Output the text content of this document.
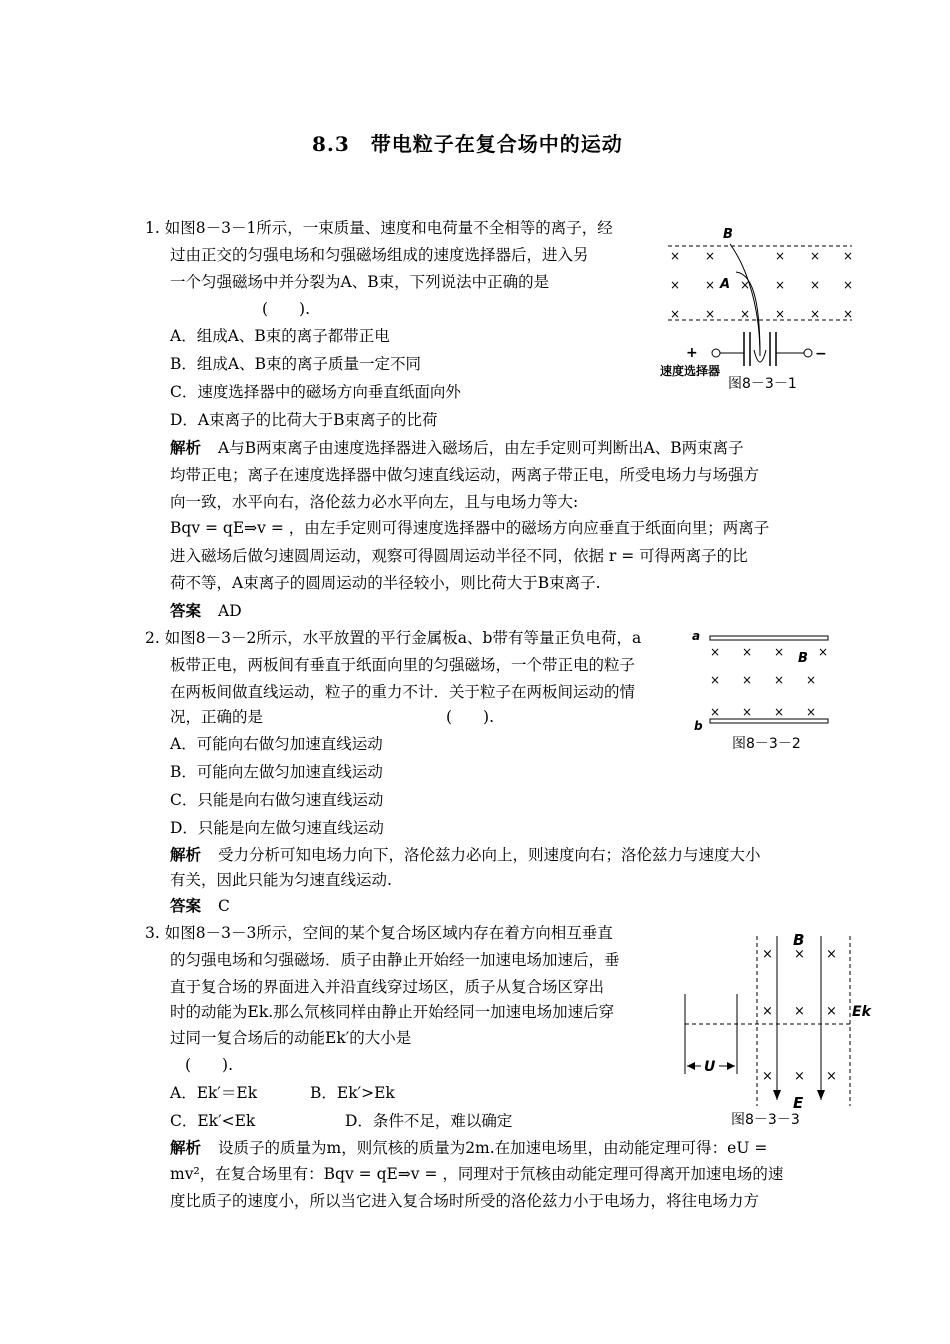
8.3　带电粒子在复合场中的运动
1. 如图8－3－1所示，一束质量、速度和电荷量不全相等的离子，经
过由正交的匀强电场和匀强磁场组成的速度选择器后，进入另
一个匀强磁场中并分裂为A、B束，下列说法中正确的是
(　　).
A．组成A、B束的离子都带正电
B．组成A、B束的离子质量一定不同
C．速度选择器中的磁场方向垂直纸面向外
D．A束离子的比荷大于B束离子的比荷
解析 A与B两束离子由速度选择器进入磁场后，由左手定则可判断出A、B两束离子
均带正电；离子在速度选择器中做匀速直线运动，两离子带正电，所受电场力与场强方
向一致，水平向右，洛伦兹力必水平向左，且与电场力等大:
Bqv = qE⇒v = ，由左手定则可得速度选择器中的磁场方向应垂直于纸面向里；两离子
进入磁场后做匀速圆周运动，观察可得圆周运动半径不同，依据 r = 可得两离子的比
荷不等，A束离子的圆周运动的半径较小，则比荷大于B束离子.
答案 AD
× ×	× × ×
× × × × × ×
× × × × × ×
B
A
+	−
速度选择器
图8－3－1
2. 如图8－3－2所示，水平放置的平行金属板a、b带有等量正负电荷，a
板带正电，两板间有垂直于纸面向里的匀强磁场，一个带正电的粒子
在两板间做直线运动，粒子的重力不计．关于粒子在两板间运动的情
况，正确的是	(　　).
A．可能向右做匀加速直线运动
B．可能向左做匀加速直线运动
C．只能是向右做匀速直线运动
D．只能是向左做匀速直线运动
解析 受力分析可知电场力向下，洛伦兹力必向上，则速度向右；洛伦兹力与速度大小
有关，因此只能为匀速直线运动.
答案 C
a
b
B
× × ×	×
× × × ×
× × × ×
图8－3－2
3. 如图8－3－3所示，空间的某个复合场区域内存在着方向相互垂直
的匀强电场和匀强磁场．质子由静止开始经一加速电场加速后，垂
直于复合场的界面进入并沿直线穿过场区，质子从复合场区穿出
时的动能为Ek.那么氘核同样由静止开始经同一加速电场加速后穿
过同一复合场后的动能Ek′的大小是
(　　).
A．Ek′＝Ek	B．Ek′>Ek
C．Ek′<Ek	D．条件不足，难以确定
解析 设质子的质量为m，则氘核的质量为2m.在加速电场里，由动能定理可得：eU =
mv²，在复合场里有：Bqv = qE⇒v = ，同理对于氘核由动能定理可得离开加速电场的速
度比质子的速度小，所以当它进入复合场时所受的洛伦兹力小于电场力，将往电场力方
× × ×
× × ×
× × ×
B
E
Ek
U
图8－3－3
